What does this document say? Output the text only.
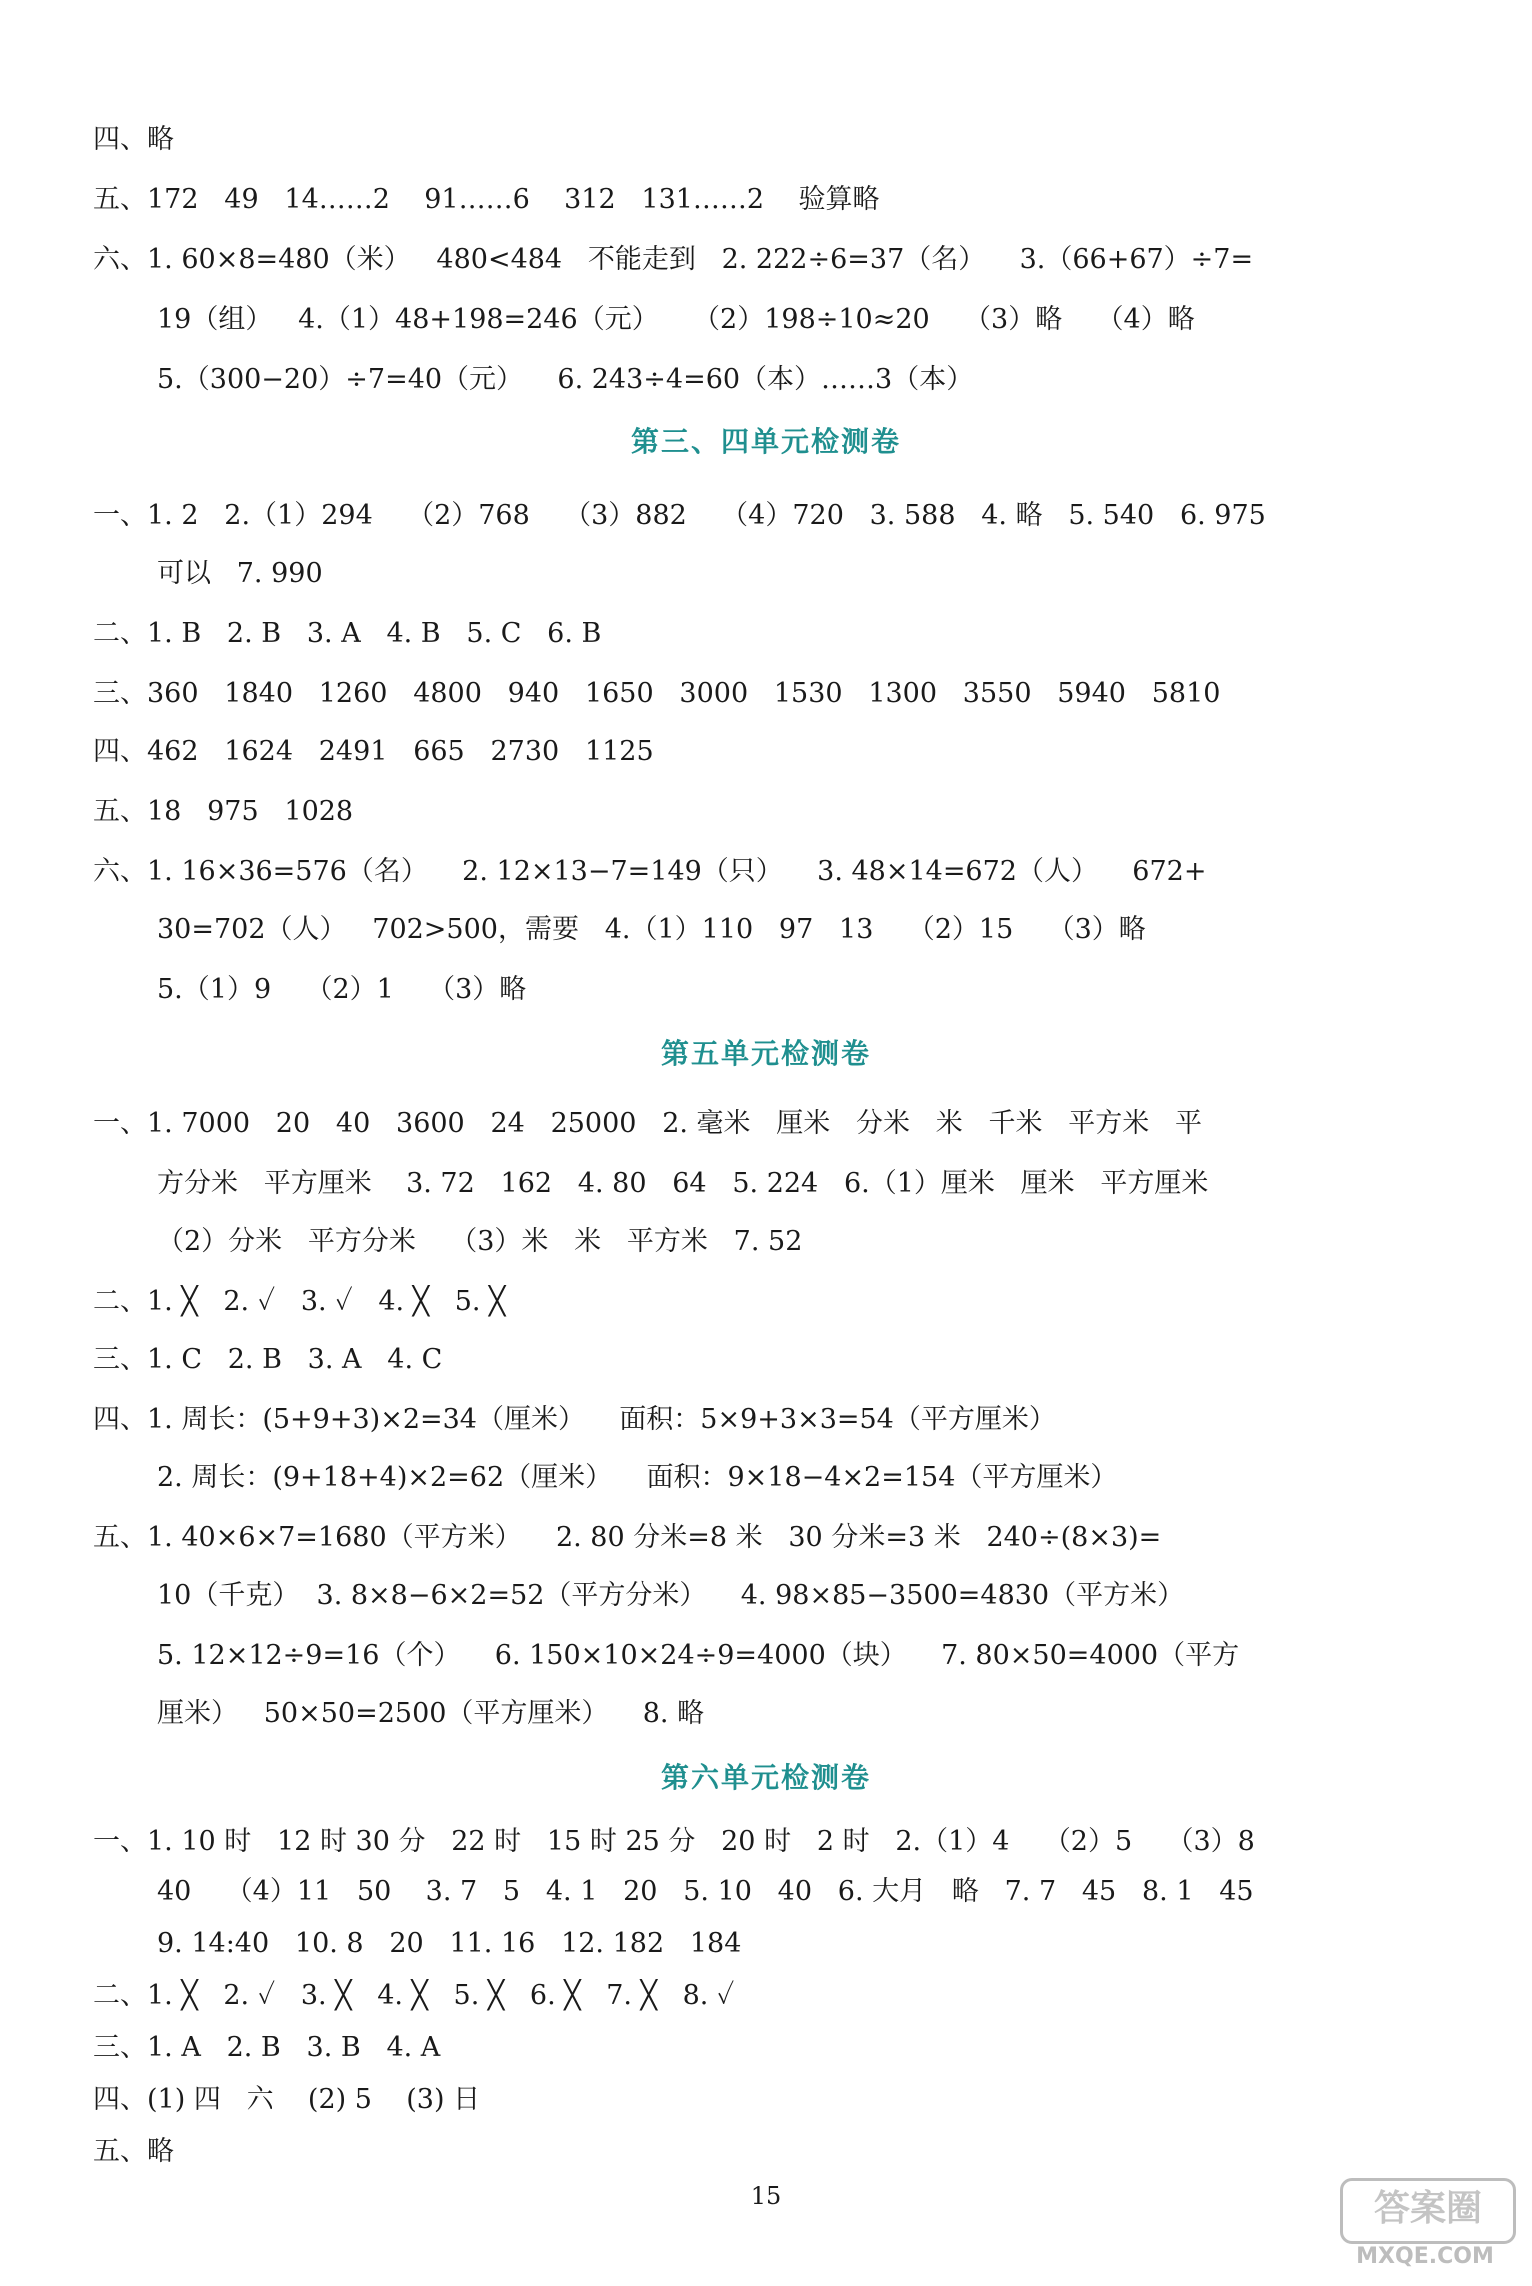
四、略
五、172   49   14……2    91……6    312   131……2    验算略
六、1. 60×8=480（米）   480<484   不能走到   2. 222÷6=37（名）    3.（66+67）÷7=
19（组）   4.（1）48+198=246（元）    （2）198÷10≈20    （3）略    （4）略
5.（300−20）÷7=40（元）    6. 243÷4=60（本）……3（本）
第三、四单元检测卷
一、1. 2   2.（1）294    （2）768    （3）882    （4）720   3. 588   4. 略   5. 540   6. 975
可以   7. 990
二、1. B   2. B   3. A   4. B   5. C   6. B
三、360   1840   1260   4800   940   1650   3000   1530   1300   3550   5940   5810
四、462   1624   2491   665   2730   1125
五、18   975   1028
六、1. 16×36=576（名）    2. 12×13−7=149（只）    3. 48×14=672（人）    672+
30=702（人）   702>500，需要   4.（1）110   97   13    （2）15    （3）略
5.（1）9    （2）1    （3）略
第五单元检测卷
一、1. 7000   20   40   3600   24   25000   2. 毫米   厘米   分米   米   千米   平方米   平
方分米   平方厘米    3. 72   162   4. 80   64   5. 224   6.（1）厘米   厘米   平方厘米
（2）分米   平方分米    （3）米   米   平方米   7. 52
二、1. ╳   2. ✓   3. ✓   4. ╳   5. ╳
三、1. C   2. B   3. A   4. C
四、1. 周长：(5+9+3)×2=34（厘米）    面积：5×9+3×3=54（平方厘米）
2. 周长：(9+18+4)×2=62（厘米）    面积：9×18−4×2=154（平方厘米）
五、1. 40×6×7=1680（平方米）    2. 80 分米=8 米   30 分米=3 米   240÷(8×3)=
10（千克）  3. 8×8−6×2=52（平方分米）    4. 98×85−3500=4830（平方米）
5. 12×12÷9=16（个）    6. 150×10×24÷9=4000（块）    7. 80×50=4000（平方
厘米）   50×50=2500（平方厘米）    8. 略
第六单元检测卷
一、1. 10 时   12 时 30 分   22 时   15 时 25 分   20 时   2 时   2.（1）4    （2）5    （3）8
40    （4）11   50    3. 7   5   4. 1   20   5. 10   40   6. 大月   略   7. 7   45   8. 1   45
9. 14:40   10. 8   20   11. 16   12. 182   184
二、1. ╳   2. ✓   3. ╳   4. ╳   5. ╳   6. ╳   7. ╳   8. ✓
三、1. A   2. B   3. B   4. A
四、(1) 四   六    (2) 5    (3) 日
五、略
15	答案圈
MXQE.COM
